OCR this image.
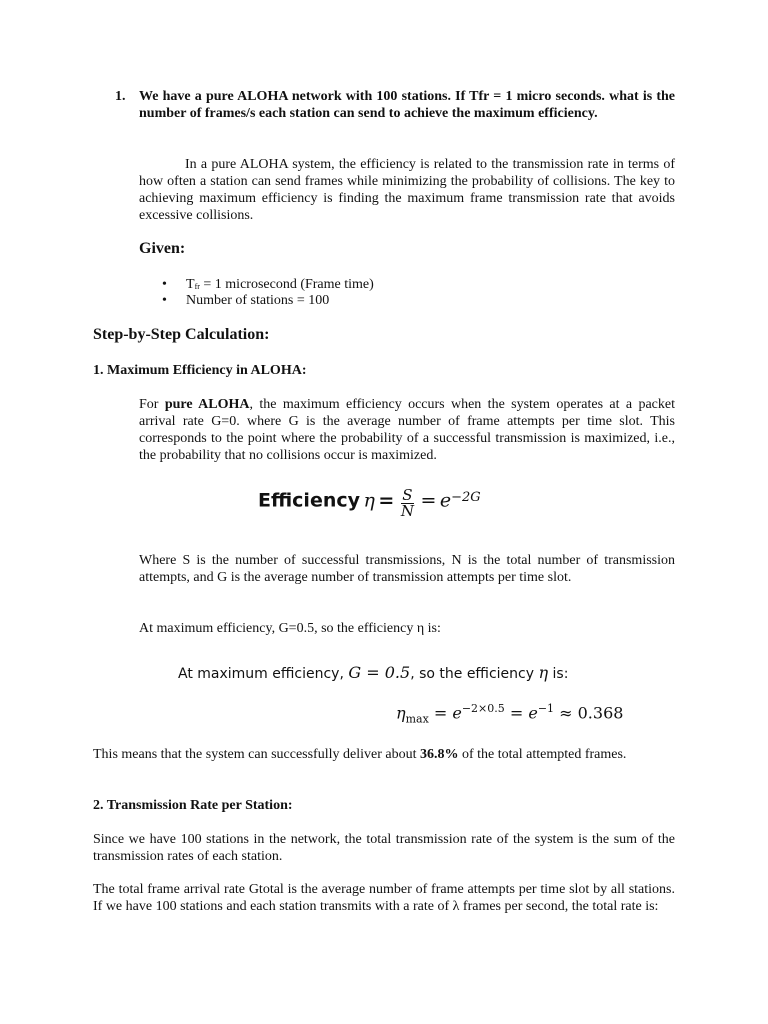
1. We have a pure ALOHA network with 100 stations. If Tfr = 1 micro seconds. what is the number of frames/s each station can send to achieve the maximum efficiency.
In a pure ALOHA system, the efficiency is related to the transmission rate in terms of how often a station can send frames while minimizing the probability of collisions. The key to achieving maximum efficiency is finding the maximum frame transmission rate that avoids excessive collisions.
Given:
• $T_{fr} = 1$ microsecond (Frame time)
• Number of stations = 100
Step-by-Step Calculation:
1. Maximum Efficiency in ALOHA:
For pure ALOHA, the maximum efficiency occurs when the system operates at a packet arrival rate G=0. where G is the average number of frame attempts per time slot. This corresponds to the point where the probability of a successful transmission is maximized, i.e., the probability that no collisions occur is maximized.
Efficiency $\eta = \frac{S}{N} = e^{-2G}$
Where S is the number of successful transmissions, N is the total number of transmission attempts, and G is the average number of transmission attempts per time slot.
At maximum efficiency, G=0.5, so the efficiency η is:
At maximum efficiency, G = 0.5, so the efficiency η is:
$\eta_{max} = e^{-2\times 0.5} = e^{-1} \approx 0.368$
This means that the system can successfully deliver about 36.8% of the total attempted frames.
2. Transmission Rate per Station:
Since we have 100 stations in the network, the total transmission rate of the system is the sum of the transmission rates of each station.
The total frame arrival rate Gtotal is the average number of frame attempts per time slot by all stations. If we have 100 stations and each station transmits with a rate of λ frames per second, the total rate is:
